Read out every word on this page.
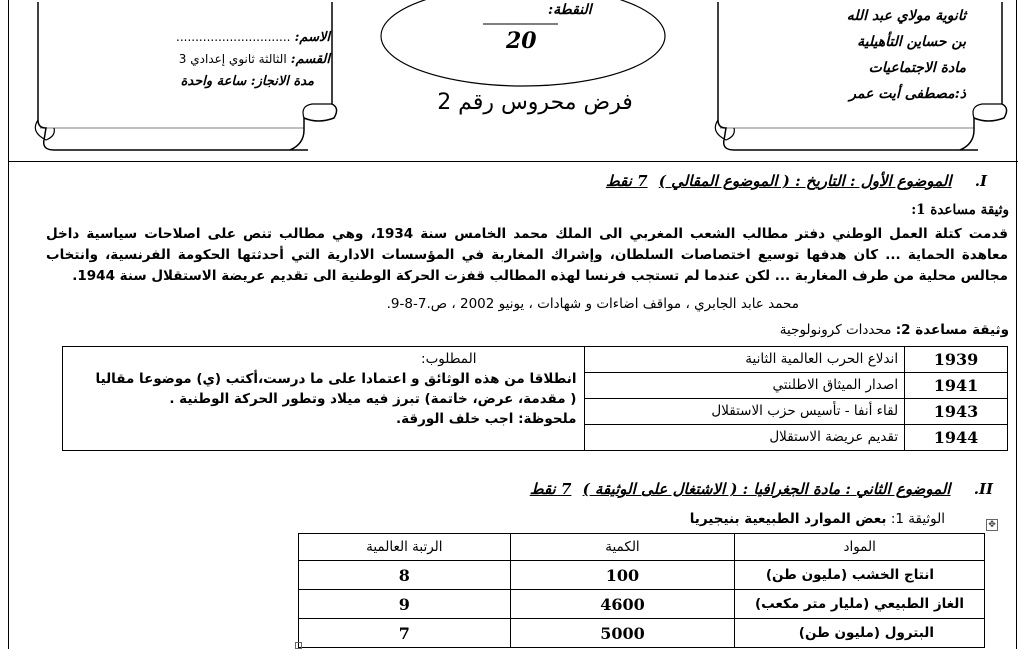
ثانوية مولاي عبد الله
بن حساين التأهيلية
مادة الاجتماعيات
ذ:مصطفى أيت عمر
النقطة:
20
فرض محروس رقم 2
الاسم: ..............................
القسم: الثالثة ثانوي إعدادي 3
مدة الانجاز: ساعة واحدة
I. الموضوع الأول : التاريخ : ( الموضوع المقالي ) 7 نقط
وثيقة مساعدة 1:
قدمت كتلة العمل الوطني دفتر مطالب الشعب المغربي الى الملك محمد الخامس سنة 1934، وهي مطالب تنص على اصلاحات سياسية داخل معاهدة الحماية ... كان هدفها توسيع اختصاصات السلطان، وإشراك المغاربة في المؤسسات الادارية التي أحدثتها الحكومة الفرنسية، وانتخاب مجالس محلية من طرف المغاربة ... لكن عندما لم تستجب فرنسا لهذه المطالب قفزت الحركة الوطنية الى تقديم عريضة الاستقلال سنة 1944.
محمد عابد الجابري ، مواقف اضاءات و شهادات ، يونيو 2002 ، ص.7-8-9.
وثيقة مساعدة 2: محددات كرونولوجية
المطلوب:
انطلاقا من هذه الوثائق و اعتمادا على ما درست،أكتب (ي) موضوعا مقاليا
( مقدمة، عرض، خاتمة) تبرز فيه ميلاد وتطور الحركة الوطنية .
ملحوظة: اجب خلف الورقة.	اندلاع الحرب العالمية الثانية	1939
	اصدار الميثاق الاطلنتي	1941
	لقاء أنفا - تأسيس حزب الاستقلال	1943
	تقديم عريضة الاستقلال	1944
II. الموضوع الثاني : مادة الجغرافيا : ( الاشتغال على الوثيقة ) 7 نقط
الوثيقة 1: بعض الموارد الطبيعية بنيجيريا	✥
الرتبة العالمية	الكمية	المواد
8	100	انتاج الخشب (مليون طن)
9	4600	الغاز الطبيعي (مليار متر مكعب)
7	5000	البترول (مليون طن)
